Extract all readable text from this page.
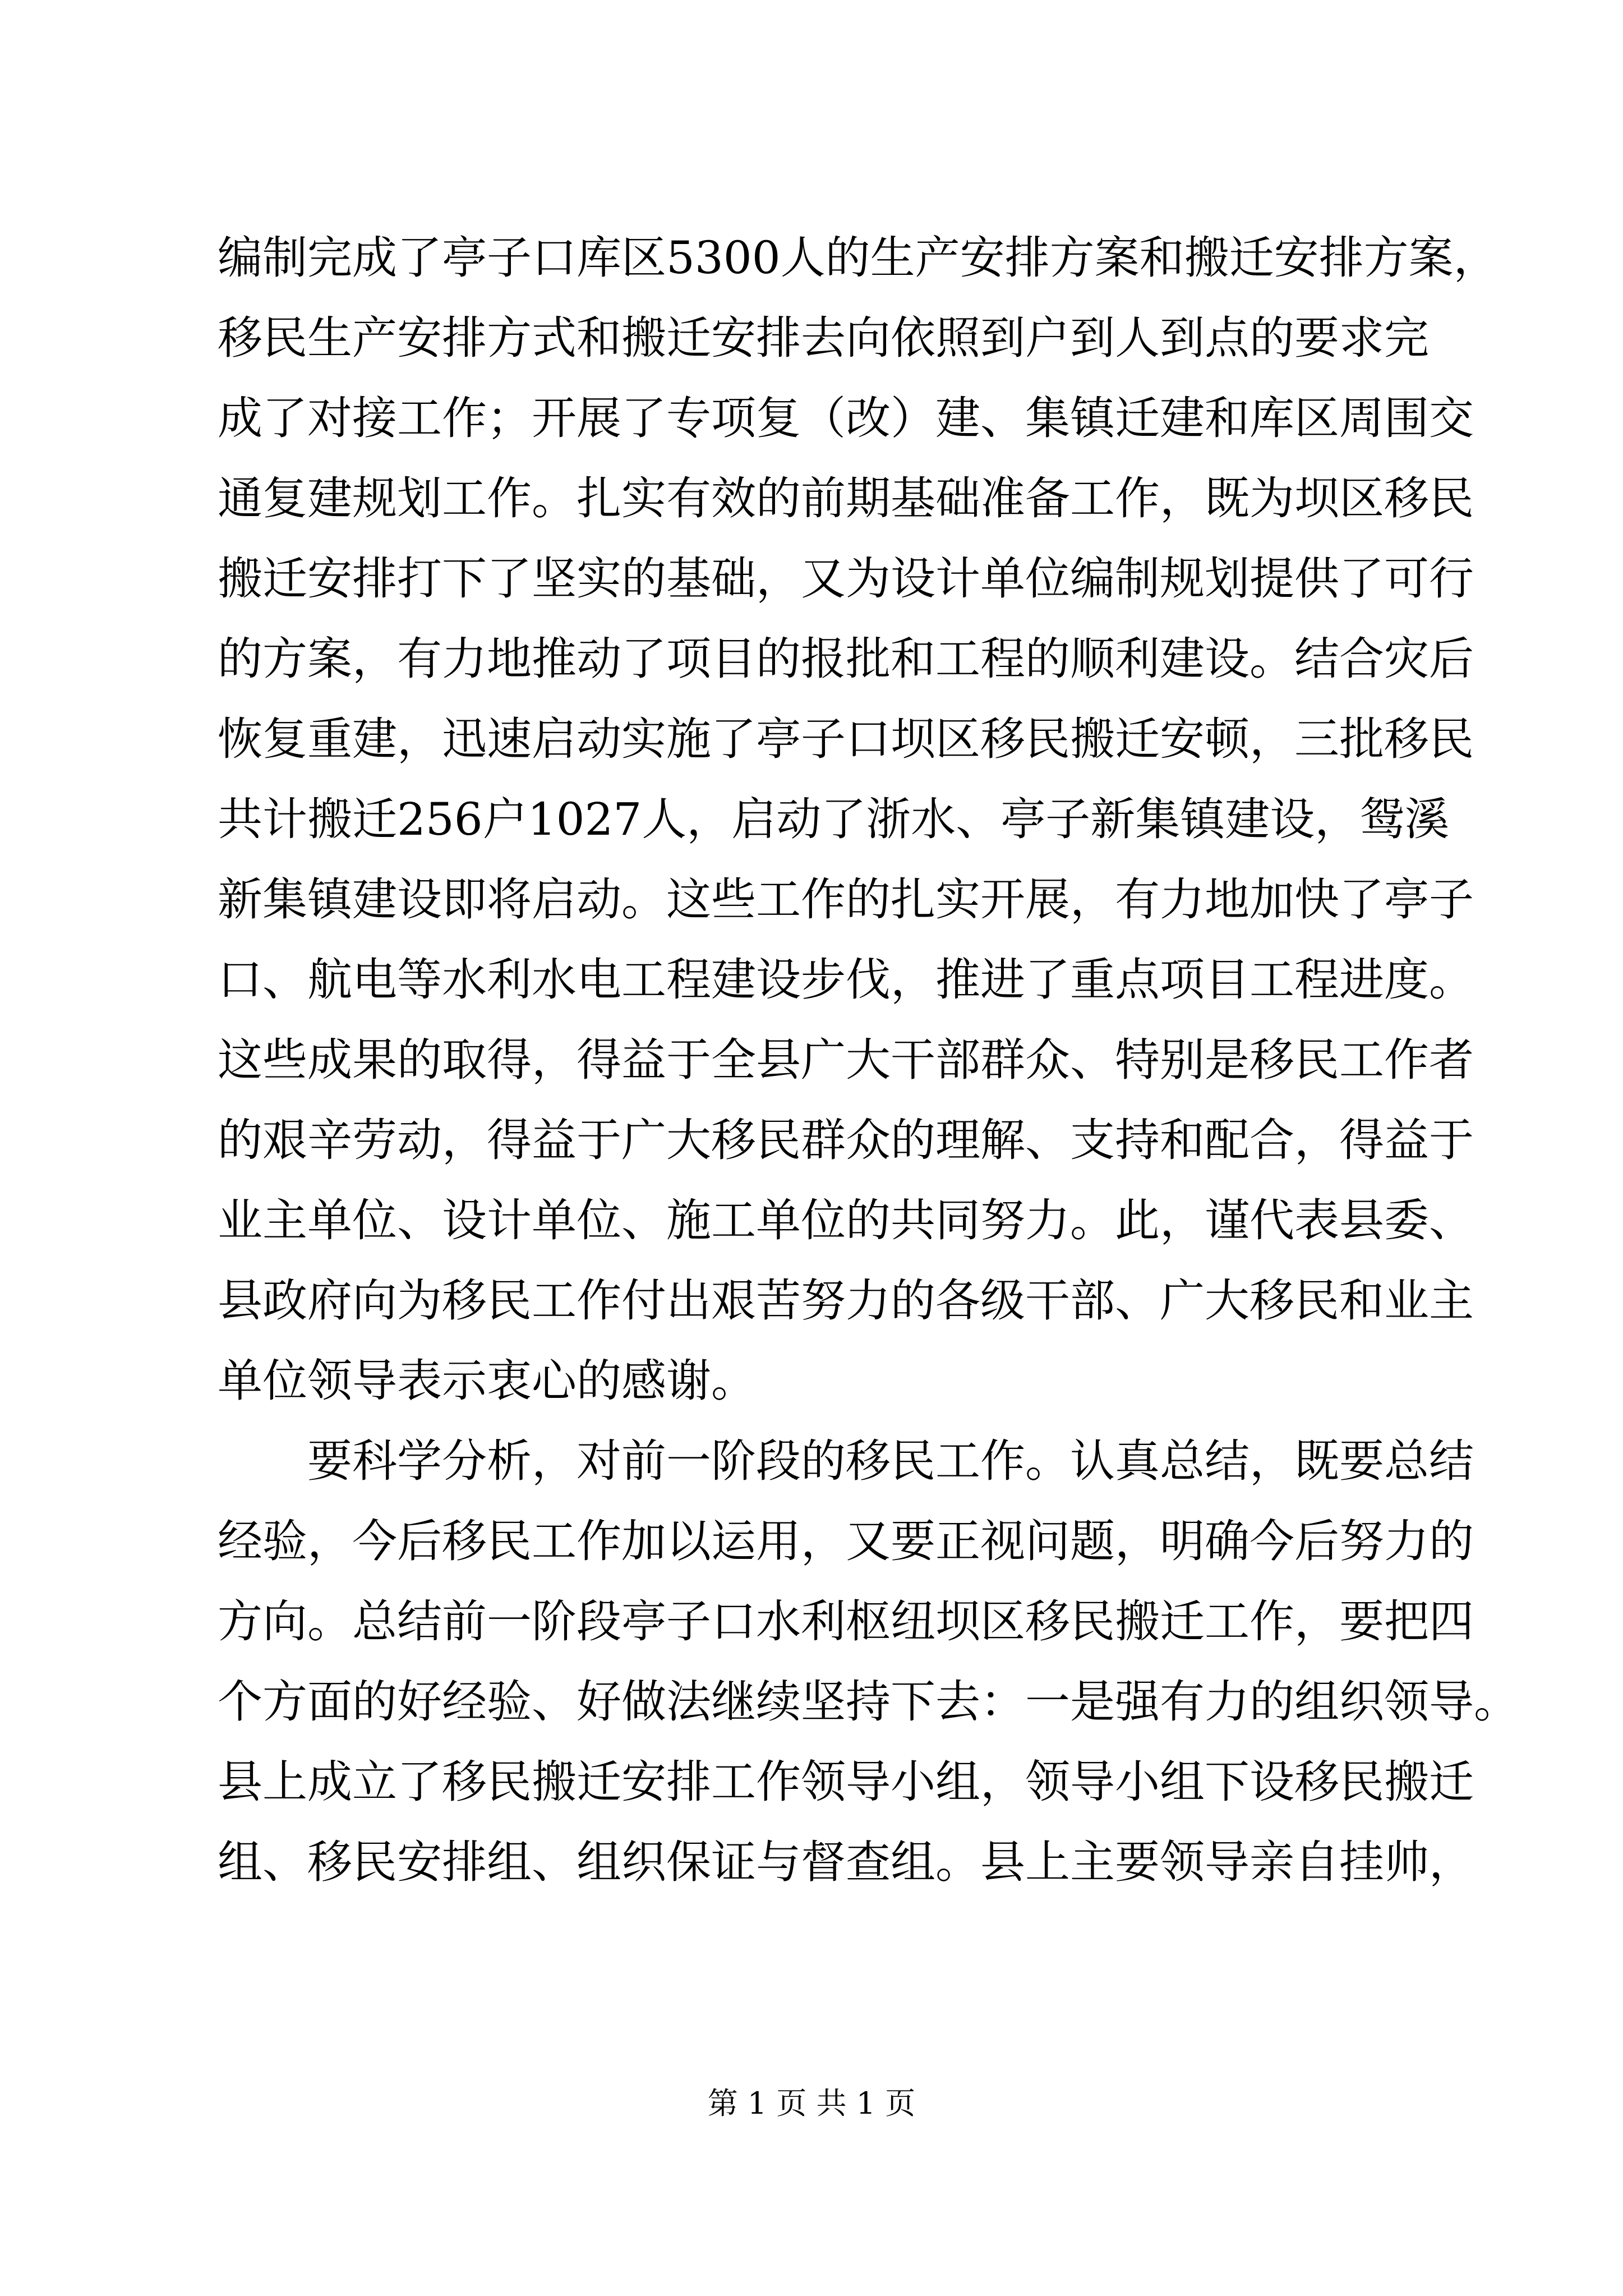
编制完成了亭子口库区5300人的生产安排方案和搬迁安排方案，
移民生产安排方式和搬迁安排去向依照到户到人到点的要求完
成了对接工作；开展了专项复（改）建、集镇迁建和库区周围交
通复建规划工作。扎实有效的前期基础准备工作，既为坝区移民
搬迁安排打下了坚实的基础，又为设计单位编制规划提供了可行
的方案，有力地推动了项目的报批和工程的顺利建设。结合灾后
恢复重建，迅速启动实施了亭子口坝区移民搬迁安顿，三批移民
共计搬迁256户1027人，启动了浙水、亭子新集镇建设，鸳溪
新集镇建设即将启动。这些工作的扎实开展，有力地加快了亭子
口、航电等水利水电工程建设步伐，推进了重点项目工程进度。
这些成果的取得，得益于全县广大干部群众、特别是移民工作者
的艰辛劳动，得益于广大移民群众的理解、支持和配合，得益于
业主单位、设计单位、施工单位的共同努力。此，谨代表县委、
县政府向为移民工作付出艰苦努力的各级干部、广大移民和业主
单位领导表示衷心的感谢。
要科学分析，对前一阶段的移民工作。认真总结，既要总结
经验，今后移民工作加以运用，又要正视问题，明确今后努力的
方向。总结前一阶段亭子口水利枢纽坝区移民搬迁工作，要把四
个方面的好经验、好做法继续坚持下去：一是强有力的组织领导。
县上成立了移民搬迁安排工作领导小组，领导小组下设移民搬迁
组、移民安排组、组织保证与督查组。县上主要领导亲自挂帅，
第 1 页 共 1 页
